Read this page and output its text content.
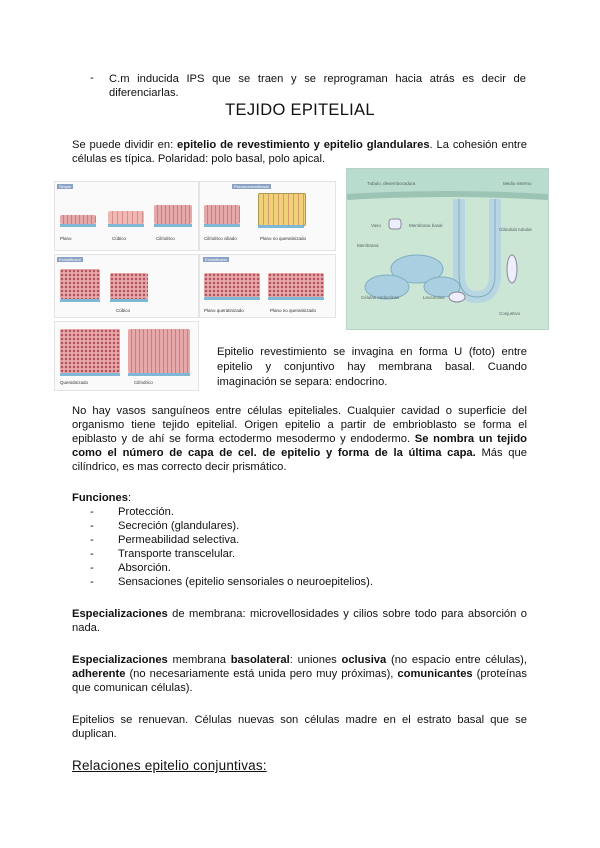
- C.m inducida IPS que se traen y se reprograman hacia atrás es decir de

diferenciarlas.

TEJIDO EPITELIAL

Se puede dividir en: epitelio de revestimiento y epitelio glandulares. La cohesión entre células es típica. Polaridad: polo basal, polo apical.

Simple
Plano	Cúbico	Cilíndrico
Pseudoestratificado
Cilíndrico ciliado	Plano no queratinizado
Estratificado
Cúbico
Estratificado
Plano queratinizado	Plano no queratinizado
Queratinizado	Cilíndrico
Tubulo, desembocadura	Medio externo
Vaso	Membrana basal
Glándula tubular
Membrana
Células endocrinas	Leucocitos
Conjuntivo

Epitelio revestimiento se invagina en forma U (foto) entre epitelio y conjuntivo hay membrana basal. Cuando imaginación se separa: endocrino.

No hay vasos sanguíneos entre células epiteliales. Cualquier cavidad o superficie del organismo tiene tejido epitelial. Origen epitelio a partir de embrioblasto se forma el epiblasto y de ahí se forma ectodermo mesodermo y endodermo. Se nombra un tejido como el número de capa de cel. de epitelio y forma de la última capa. Más que cilíndrico, es mas correcto decir prismático.

Funciones:

- Protección.
- Secreción (glandulares).
- Permeabilidad selectiva.
- Transporte transcelular.
- Absorción.
- Sensaciones (epitelio sensoriales o neuroepitelios).

Especializaciones de membrana: microvellosidades y cilios sobre todo para absorción o nada.

Especializaciones membrana basolateral: uniones oclusiva (no espacio entre células), adherente (no necesariamente está unida pero muy próximas), comunicantes (proteínas que comunican células).

Epitelios se renuevan. Células nuevas son células madre en el estrato basal que se duplican.

Relaciones epitelio conjuntivas:
